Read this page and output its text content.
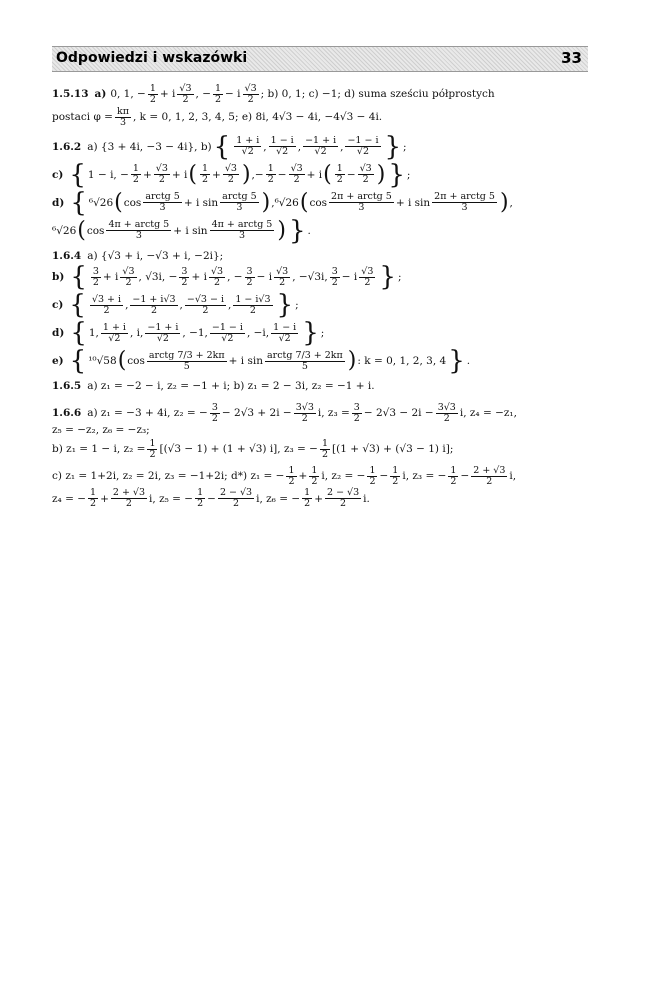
Odpowiedzi i wskazówki	33
1.5.13 a) 0, 1,
− $\frac{1}{2} + i \frac{√3}{2}$ , − $\frac{1}{2} - i \frac{√3}{2}$ ; b) 0, 1; c) −1; d) suma sześciu półprostych
postaci $\varphi = \frac{k\pi}{3}$ , k = 0, 1, 2, 3, 4, 5; e) 8i, 4√3 − 4i, −4√3 − 4i.
1.6.2 a) {3 + 4i, −3 − 4i}, b) { $\frac{1 + i}{√2}$ , $\frac{1 - i}{√2}$ , $\frac{-1 + i}{√2}$ , $\frac{-1 - i}{√2}$ } ;
c) { 1 − i, − $\frac{1}{2} + \frac{√3}{2} + i$ ( $\frac{1}{2} + \frac{√3}{2}$ ) , − $\frac{1}{2} - \frac{√3}{2} + i$ ( $\frac{1}{2} - \frac{√3}{2}$ ) } ;
d) { ⁶√26 ( $\cos \frac{\text{arctg 5}}{3} + i$ $\sin \frac{\text{arctg 5}}{3}$ ) , ⁶√26 ( $\cos \frac{\text{2π + arctg 5}}{3} + i$ $\sin \frac{\text{2π + arctg 5}}{3}$ ) ,
⁶√26 ( $\cos \frac{\text{4π + arctg 5}}{3} + i$ $\sin \frac{\text{4π + arctg 5}}{3}$ ) } .
1.6.4 a) {√3 + i, −√3 + i, −2i};
b) { $\frac{3}{2} + i \frac{√3}{2}$ , √3i, − $\frac{3}{2} + i \frac{√3}{2}$ , − $\frac{3}{2} - i \frac{√3}{2}$ , −√3i, $\frac{3}{2} - i \frac{√3}{2}$ } ;
c) { $\frac{√3 + i}{2}$ , $\frac{-1 + i√3}{2}$ , $\frac{-√3 - i}{2}$ , $\frac{1 - i√3}{2}$ } ;
d) { 1, $\frac{1 + i}{√2}$ , i, $\frac{-1 + i}{√2}$ , −1, $\frac{-1 - i}{√2}$ , −i, $\frac{1 - i}{√2}$ } ;
e) { ¹⁰√58 ( $\cos \frac{\text{arctg 7/3 + 2kπ}}{5} + i$ $\sin \frac{\text{arctg 7/3 + 2kπ}}{5}$ ) : k = 0, 1, 2, 3, 4 } .
1.6.5 a) z₁ = −2 − i, z₂ = −1 + i; b) z₁ = 2 − 3i, z₂ = −1 + i.
1.6.6 a) z₁ = −3 + 4i, z₂ = − $\frac{3}{2} - 2√3 + 2i - \frac{3√3}{2} i$, $z_3 = \frac{3}{2} - 2√3 - 2i - \frac{3√3}{2} i$, z₄ = −z₁,
z₅ = −z₂, z₆ = −z₃;
b) z₁ = 1 − i, $z_2 = \frac{1}{2} [(√3 - 1) + (1 + √3)$ i], z₃ = − $\frac{1}{2} [(1 + √3) + (√3 - 1)$ i];
c) z₁ = 1+2i, z₂ = 2i, z₃ = −1+2i; d*) z₁ = − $\frac{1}{2} + \frac{1}{2} i$, z₂ = − $\frac{1}{2} - \frac{1}{2} i$, z₃ = − $\frac{1}{2} - \frac{2 + √3}{2} i$,
z₄ = − $\frac{1}{2} + \frac{2 + √3}{2} i$, z₅ = − $\frac{1}{2} - \frac{2 - √3}{2} i$, z₆ = − $\frac{1}{2} + \frac{2 - √3}{2} i$.
